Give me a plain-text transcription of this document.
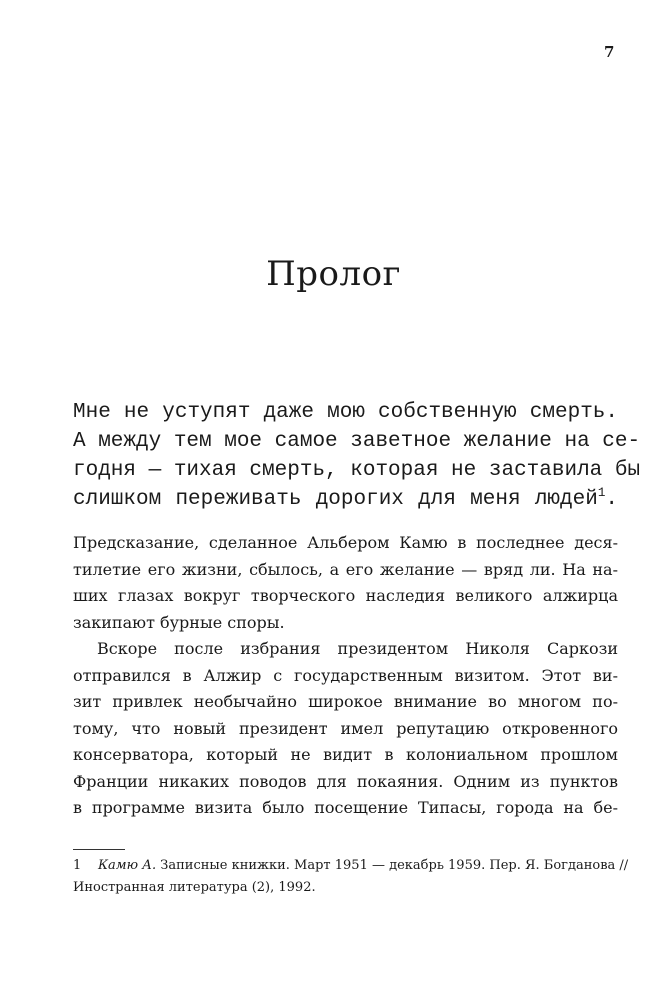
7
Пролог
Мне не уступят даже мою собственную смерть.
А между тем мое самое заветное желание на се-
годня — тихая смерть, которая не заставила бы
слишком переживать дорогих для меня людей$^1$.
Предсказание, сделанное Альбером Камю в последнее деся-
тилетие его жизни, сбылось, а его желание — вряд ли. На на-
ших глазах вокруг творческого наследия великого алжирца
закипают бурные споры.
Вскоре после избрания президентом Николя Саркози
отправился в Алжир с государственным визитом. Этот ви-
зит привлек необычайно широкое внимание во многом по-
тому, что новый президент имел репутацию откровенного
консерватора, который не видит в колониальном прошлом
Франции никаких поводов для покаяния. Одним из пунктов
в программе визита было посещение Типасы, города на бе-
1 Камю А. Записные книжки. Март 1951 — декабрь 1959. Пер. Я. Богданова //
Иностранная литература (2), 1992.
